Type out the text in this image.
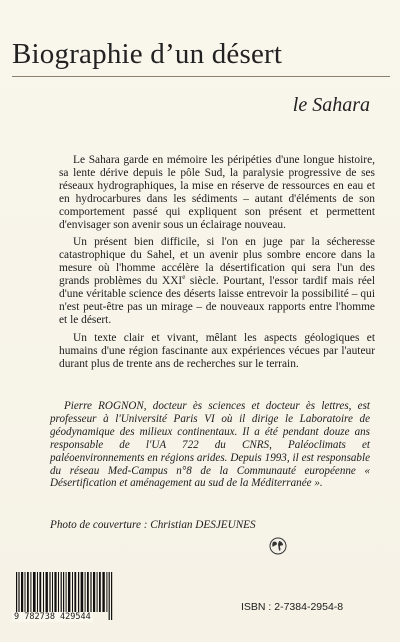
Biographie d’un désert
le Sahara

Le Sahara garde en mémoire les péripéties d'une longue histoire, sa lente dérive depuis le pôle Sud, la paralysie progressive de ses réseaux hydrographiques, la mise en réserve de ressources en eau et en hydrocarbures dans les sédiments – autant d'éléments de son comportement passé qui expliquent son présent et permettent d'envisager son avenir sous un éclairage nouveau.

Un présent bien difficile, si l'on en juge par la sécheresse catastrophique du Sahel, et un avenir plus sombre encore dans la mesure où l'homme accélère la désertification qui sera l'un des grands problèmes du XXIe siècle. Pourtant, l'essor tardif mais réel d'une véritable science des déserts laisse entrevoir la possibilité – qui n'est peut-être pas un mirage – de nouveaux rapports entre l'homme et le désert.

Un texte clair et vivant, mêlant les aspects géologiques et humains d'une région fascinante aux expériences vécues par l'auteur durant plus de trente ans de recherches sur le terrain.

Pierre ROGNON, docteur ès sciences et docteur ès lettres, est professeur à l'Université Paris VI où il dirige le Laboratoire de géodynamique des milieux continentaux. Il a été pendant douze ans responsable de l'UA 722 du CNRS, Paléoclimats et paléoenvironnements en régions arides. Depuis 1993, il est responsable du réseau Med-Campus n°8 de la Communauté européenne « Désertification et aménagement au sud de la Méditerranée ».

Photo de couverture : Christian DESJEUNES
9 782738 429544
ISBN : 2-7384-2954-8
